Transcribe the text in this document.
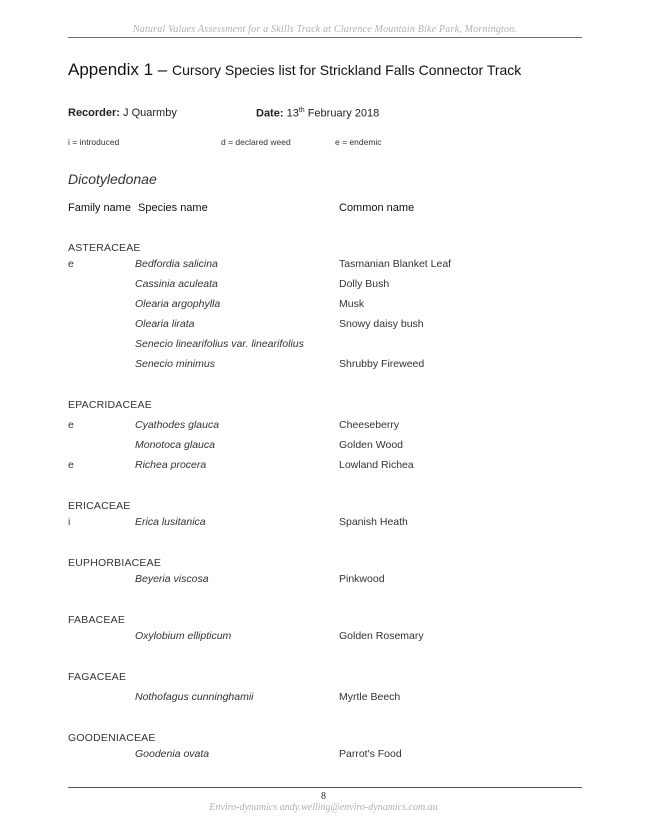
Natural Values Assessment for a Skills Track at Clarence Mountain Bike Park, Mornington.
Appendix 1 – Cursory Species list for Strickland Falls Connector Track
Recorder: J Quarmby	Date: 13th February 2018
i = introduced	d = declared weed	e = endemic
Dicotyledonae
Family name Species name	Common name
ASTERACEAE
e	Bedfordia salicina	Tasmanian Blanket Leaf
Cassinia aculeata	Dolly Bush
Olearia argophylla	Musk
Olearia lirata	Snowy daisy bush
Senecio linearifolius var. linearifolius
Senecio minimus	Shrubby Fireweed
EPACRIDACEAE
e	Cyathodes glauca	Cheeseberry
Monotoca glauca	Golden Wood
e	Richea procera	Lowland Richea
ERICACEAE
i	Erica lusitanica	Spanish Heath
EUPHORBIACEAE
Beyeria viscosa	Pinkwood
FABACEAE
Oxylobium ellipticum	Golden Rosemary
FAGACEAE
Nothofagus cunninghamii	Myrtle Beech
GOODENIACEAE
Goodenia ovata	Parrot's Food
8
Enviro-dynamics andy.welling@enviro-dynamics.com.au
